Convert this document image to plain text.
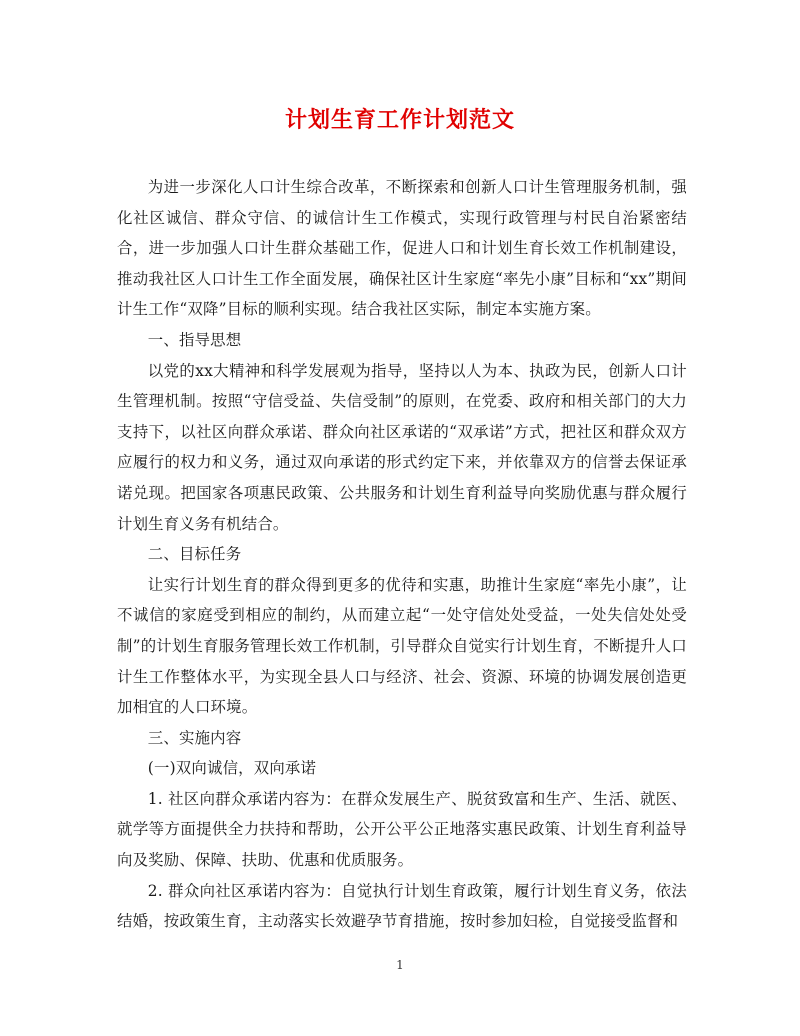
计划生育工作计划范文

为进一步深化人口计生综合改革，不断探索和创新人口计生管理服务机制，强化社区诚信、群众守信、的诚信计生工作模式，实现行政管理与村民自治紧密结合，进一步加强人口计生群众基础工作，促进人口和计划生育长效工作机制建设，推动我社区人口计生工作全面发展，确保社区计生家庭“率先小康”目标和“xx”期间计生工作“双降”目标的顺利实现。结合我社区实际，制定本实施方案。

一、指导思想

以党的xx大精神和科学发展观为指导，坚持以人为本、执政为民，创新人口计生管理机制。按照“守信受益、失信受制”的原则，在党委、政府和相关部门的大力支持下，以社区向群众承诺、群众向社区承诺的“双承诺”方式，把社区和群众双方应履行的权力和义务，通过双向承诺的形式约定下来，并依靠双方的信誉去保证承诺兑现。把国家各项惠民政策、公共服务和计划生育利益导向奖励优惠与群众履行计划生育义务有机结合。

二、目标任务

让实行计划生育的群众得到更多的优待和实惠，助推计生家庭“率先小康”，让不诚信的家庭受到相应的制约，从而建立起“一处守信处处受益，一处失信处处受制”的计划生育服务管理长效工作机制，引导群众自觉实行计划生育，不断提升人口计生工作整体水平，为实现全县人口与经济、社会、资源、环境的协调发展创造更加相宜的人口环境。

三、实施内容

(一)双向诚信，双向承诺

1. 社区向群众承诺内容为：在群众发展生产、脱贫致富和生产、生活、就医、就学等方面提供全力扶持和帮助，公开公平公正地落实惠民政策、计划生育利益导向及奖励、保障、扶助、优惠和优质服务。

2. 群众向社区承诺内容为：自觉执行计划生育政策，履行计划生育义务，依法结婚，按政策生育，主动落实长效避孕节育措施，按时参加妇检，自觉接受监督和

1
